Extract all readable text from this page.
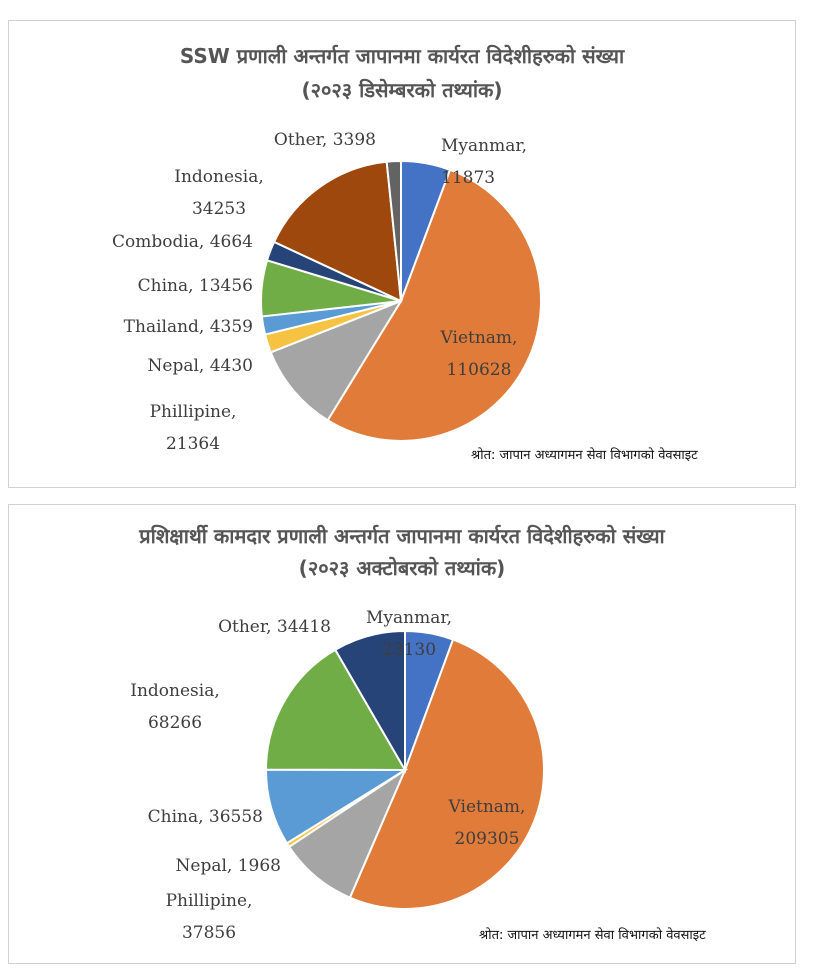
SSW प्रणाली अन्तर्गत जापानमा कार्यरत विदेशीहरुको संख्या
(२०२३ डिसेम्बरको तथ्यांक)
Myanmar, 11873
Vietnam, 110628
Phillipine, 21364
Nepal, 4430
Thailand, 4359
China, 13456
Combodia, 4664
Indonesia, 34253
Other, 3398
श्रोत: जापान अध्यागमन सेवा विभागको वेवसाइट
प्रशिक्षार्थी कामदार प्रणाली अन्तर्गत जापानमा कार्यरत विदेशीहरुको संख्या
(२०२३ अक्टोबरको तथ्यांक)
Myanmar, 23130
Vietnam, 209305
Phillipine, 37856
Nepal, 1968
China, 36558
Indonesia, 68266
Other, 34418
श्रोत: जापान अध्यागमन सेवा विभागको वेवसाइट
